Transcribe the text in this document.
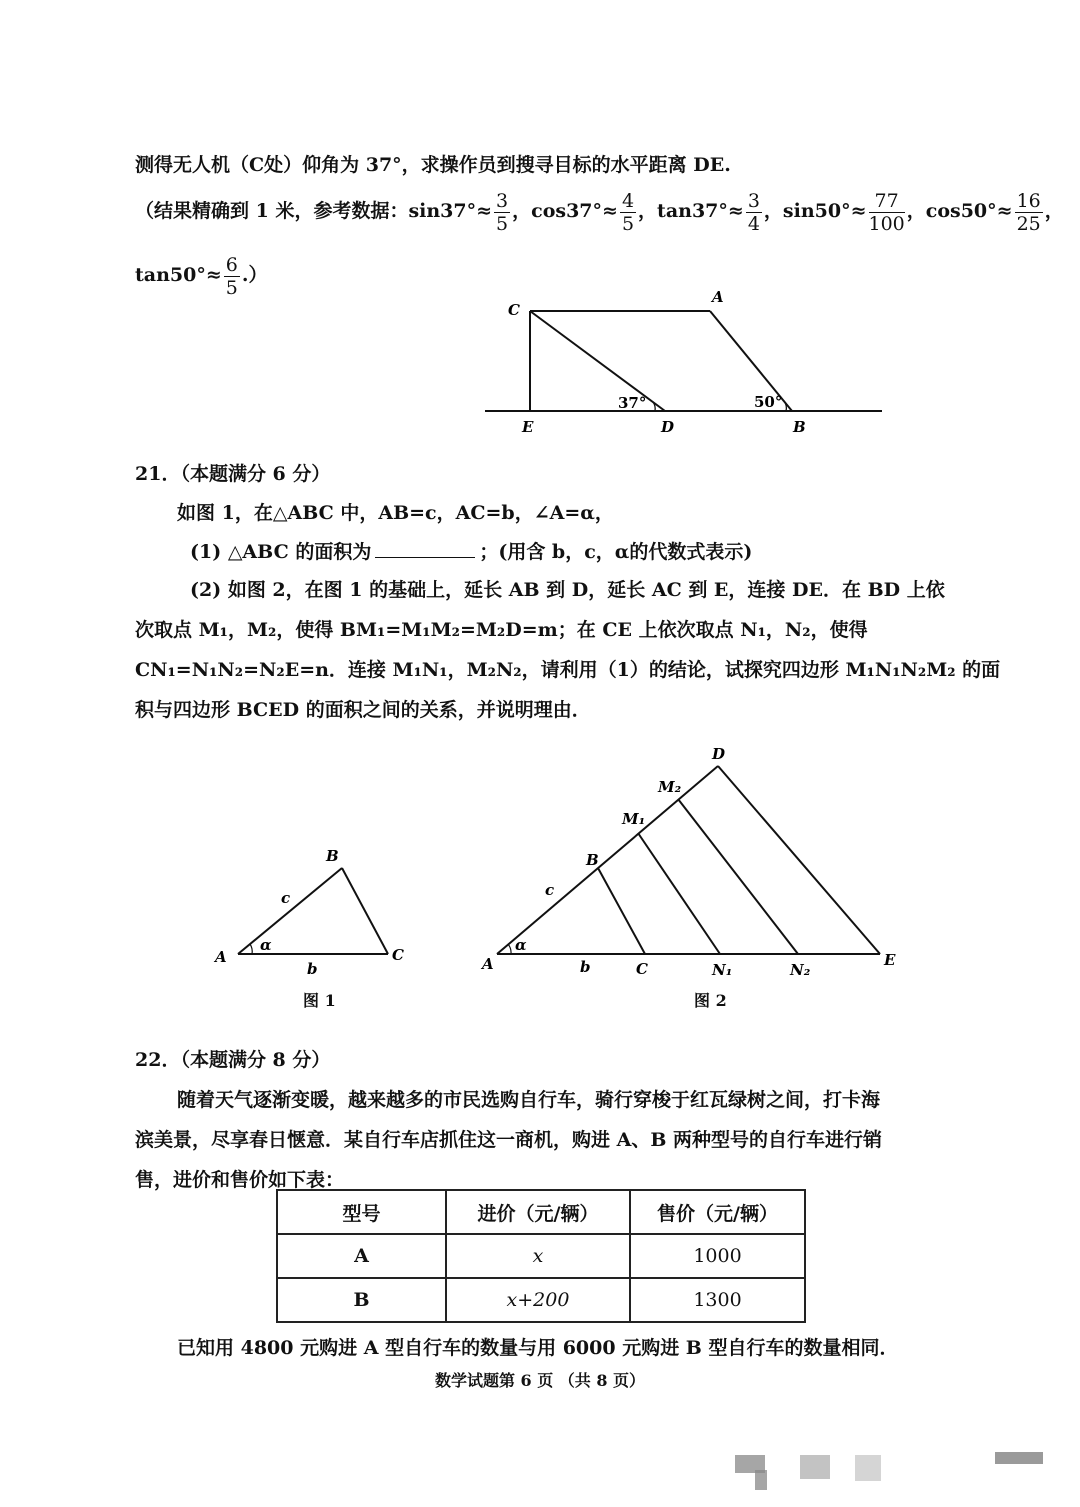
测得无人机（C处）仰角为 37°，求操作员到搜寻目标的水平距离 DE.
（结果精确到 1 米，参考数据：$\sin 37^\circ\approx \frac{3}{5}$ ，$\cos 37^\circ\approx \frac{4}{5}$ ，$\tan 37^\circ\approx \frac{3}{4}$ ，$\sin 50^\circ\approx \frac{77}{100}$ ，$\cos 50^\circ\approx \frac{16}{25}$ ，
$\tan 50^\circ\approx \frac{6}{5}$ .）
C
A
E	D	B
37°	50°
21．（本题满分 6 分）
如图 1，在△ABC 中，AB=c，AC=b，∠A=α，
(1) △ABC 的面积为	；(用含 b，c，α的代数式表示)
(2) 如图 2，在图 1 的基础上，延长 AB 到 D，延长 AC 到 E，连接 DE．在 BD 上依
次取点 M₁，M₂，使得 BM₁=M₁M₂=M₂D=m；在 CE 上依次取点 N₁，N₂，使得
CN₁=N₁N₂=N₂E=n．连接 M₁N₁，M₂N₂，请利用（1）的结论，试探究四边形 M₁N₁N₂M₂ 的面
积与四边形 BCED 的面积之间的关系，并说明理由．
A
B
C
c
b
α
图 1
A
B
C
D
E
M₁
M₂
N₁	N₂
c
b
α
图 2
22．（本题满分 8 分）
随着天气逐渐变暖，越来越多的市民选购自行车，骑行穿梭于红瓦绿树之间，打卡海
滨美景，尽享春日惬意．某自行车店抓住这一商机，购进 A、B 两种型号的自行车进行销
售，进价和售价如下表：
型号	进价（元/辆）	售价（元/辆）
A	x	1000
B	x+200	1300
已知用 4800 元购进 A 型自行车的数量与用 6000 元购进 B 型自行车的数量相同．
数学试题第 6 页 （共 8 页）
